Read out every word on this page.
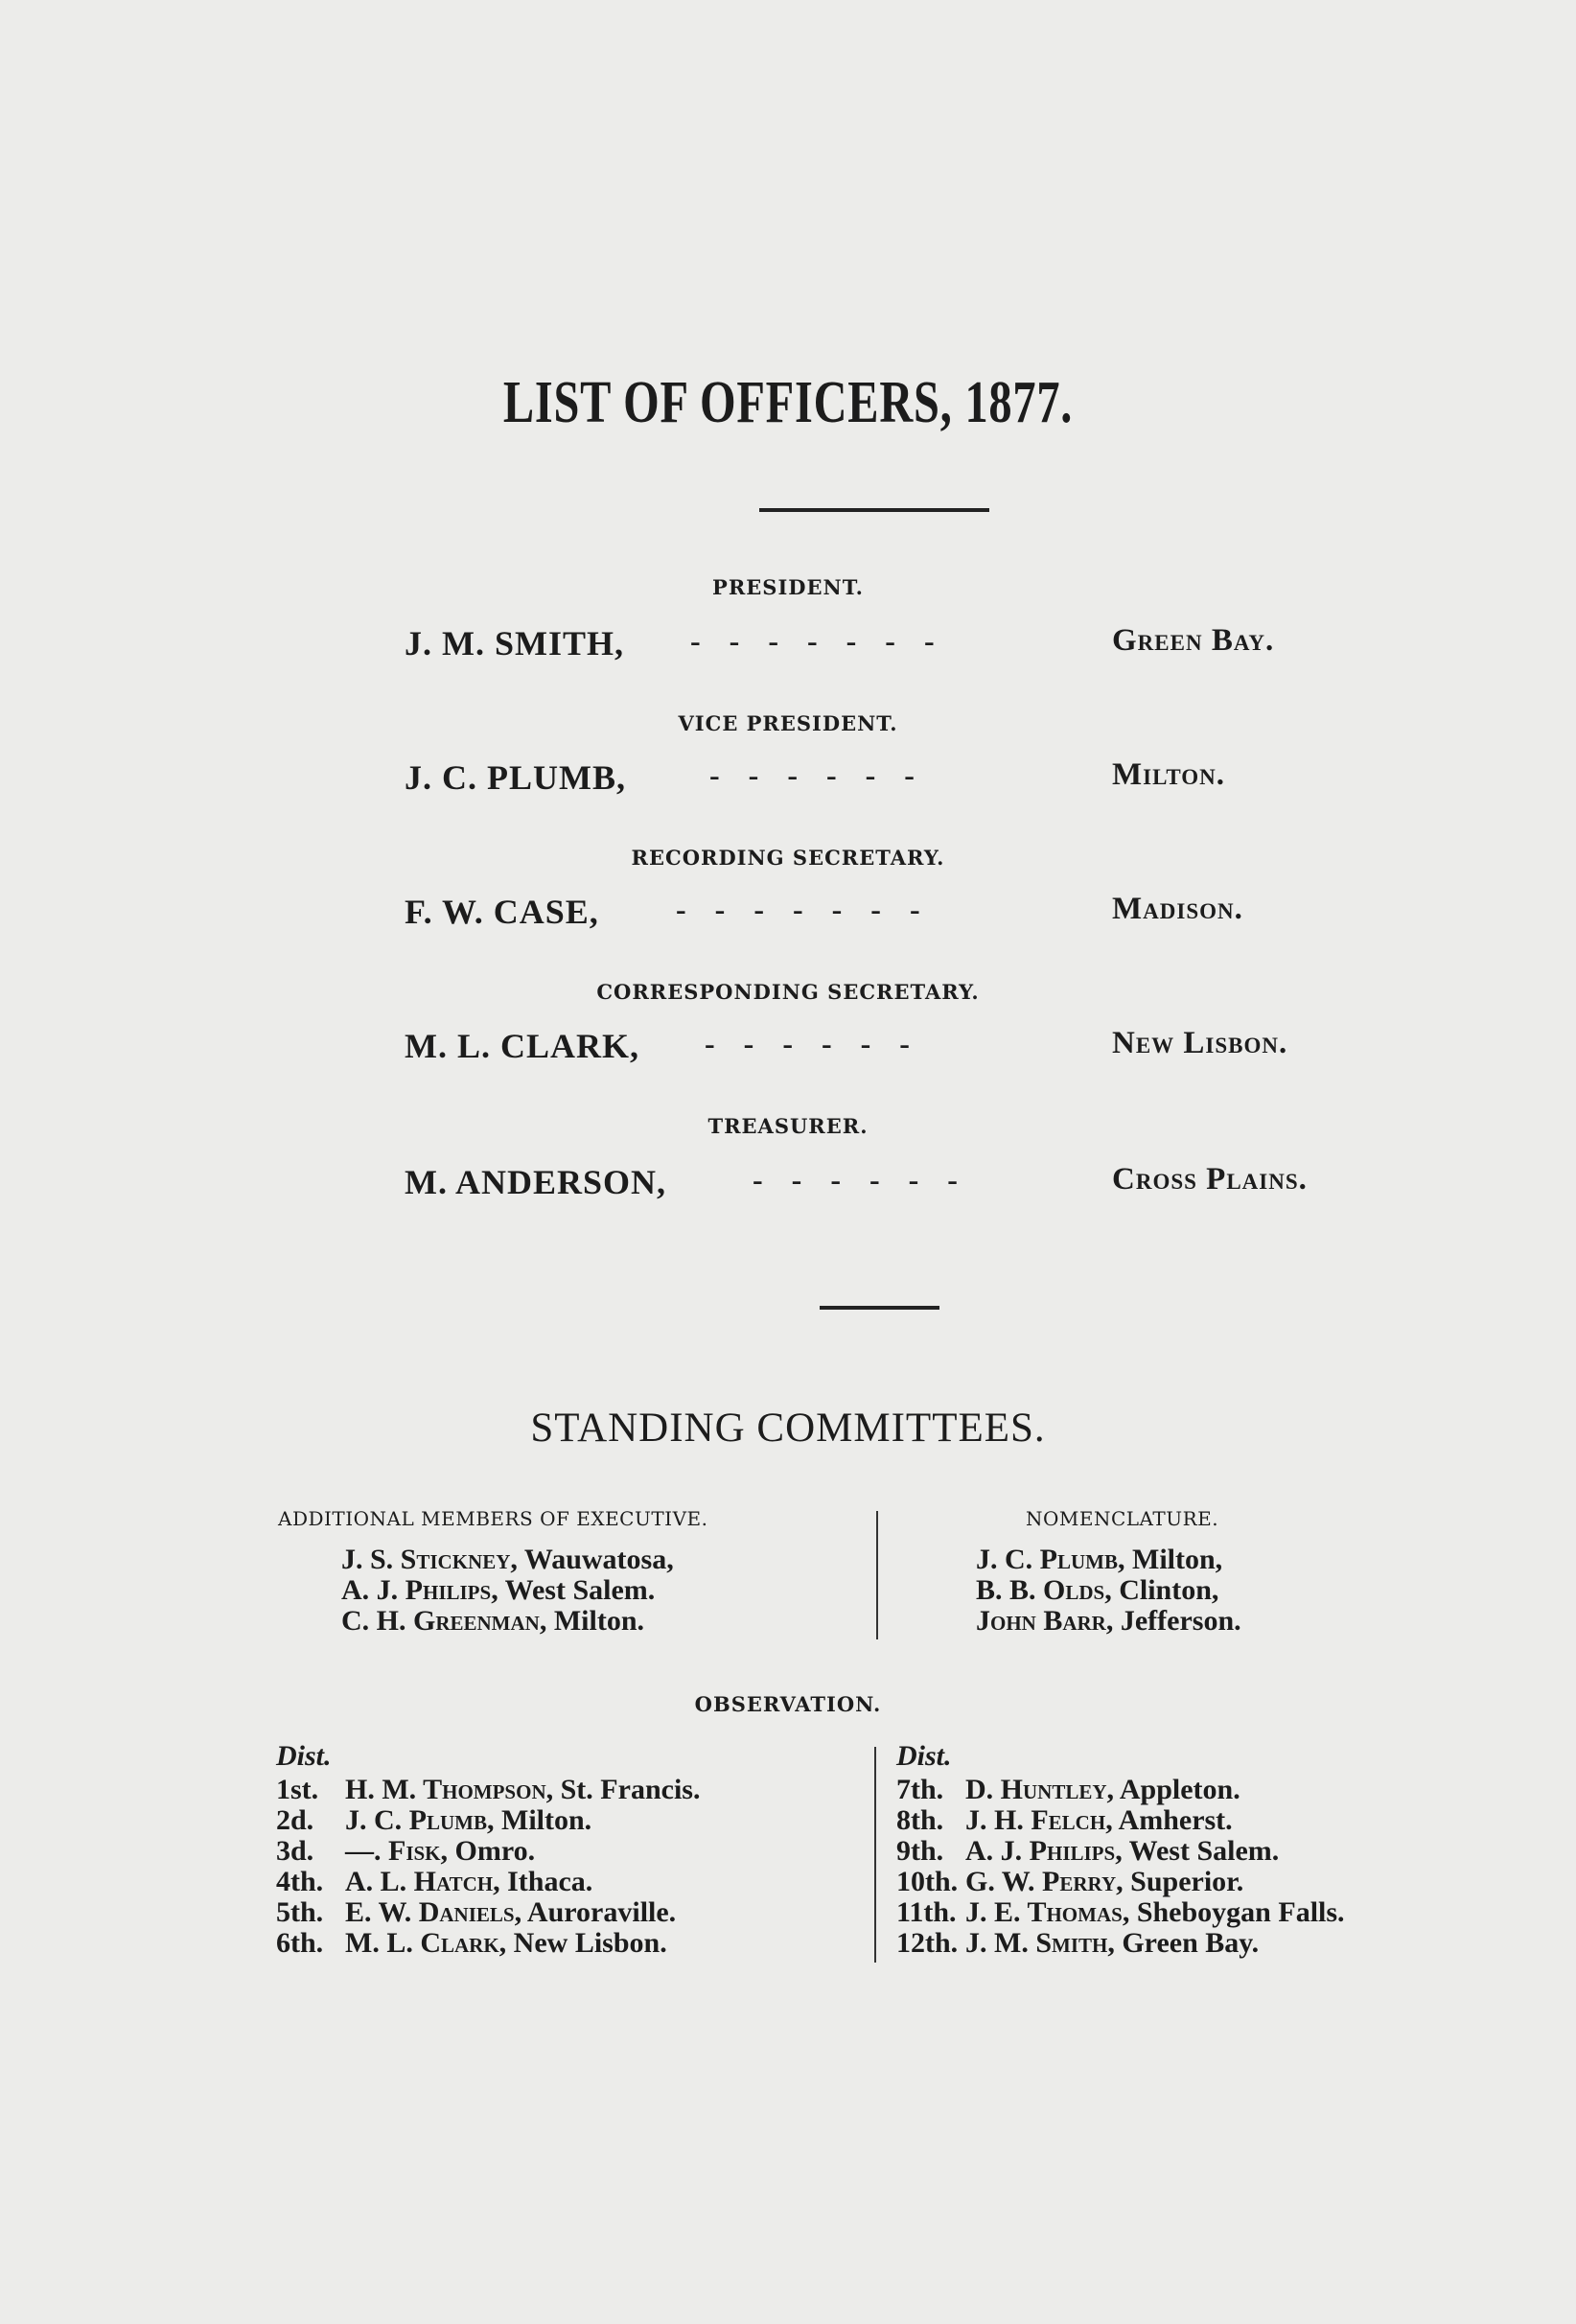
LIST OF OFFICERS, 1877.
PRESIDENT.
J. M. SMITH, - - - - - - -	Green Bay.
VICE PRESIDENT.
J. C. PLUMB,	- - - - - -	Milton.
RECORDING SECRETARY.
F. W. CASE,	- - - - - - -	Madison.
CORRESPONDING SECRETARY.
M. L. CLARK, - - - - - -	New Lisbon.
TREASURER.
M. ANDERSON,	- - - - - -	Cross Plains.
STANDING COMMITTEES.
ADDITIONAL MEMBERS OF EXECUTIVE.
J. S. Stickney, Wauwatosa,
A. J. Philips, West Salem.
C. H. Greenman, Milton.
NOMENCLATURE.
J. C. Plumb, Milton,
B. B. Olds, Clinton,
John Barr, Jefferson.
OBSERVATION.
Dist.	Dist.
1st. H. M. Thompson, St. Francis.
2d. J. C. Plumb, Milton.
3d. —. Fisk, Omro.
4th. A. L. Hatch, Ithaca.
5th. E. W. Daniels, Auroraville.
6th. M. L. Clark, New Lisbon.
7th. D. Huntley, Appleton.
8th. J. H. Felch, Amherst.
9th. A. J. Philips, West Salem.
10th. G. W. Perry, Superior.
11th. J. E. Thomas, Sheboygan Falls.
12th. J. M. Smith, Green Bay.
